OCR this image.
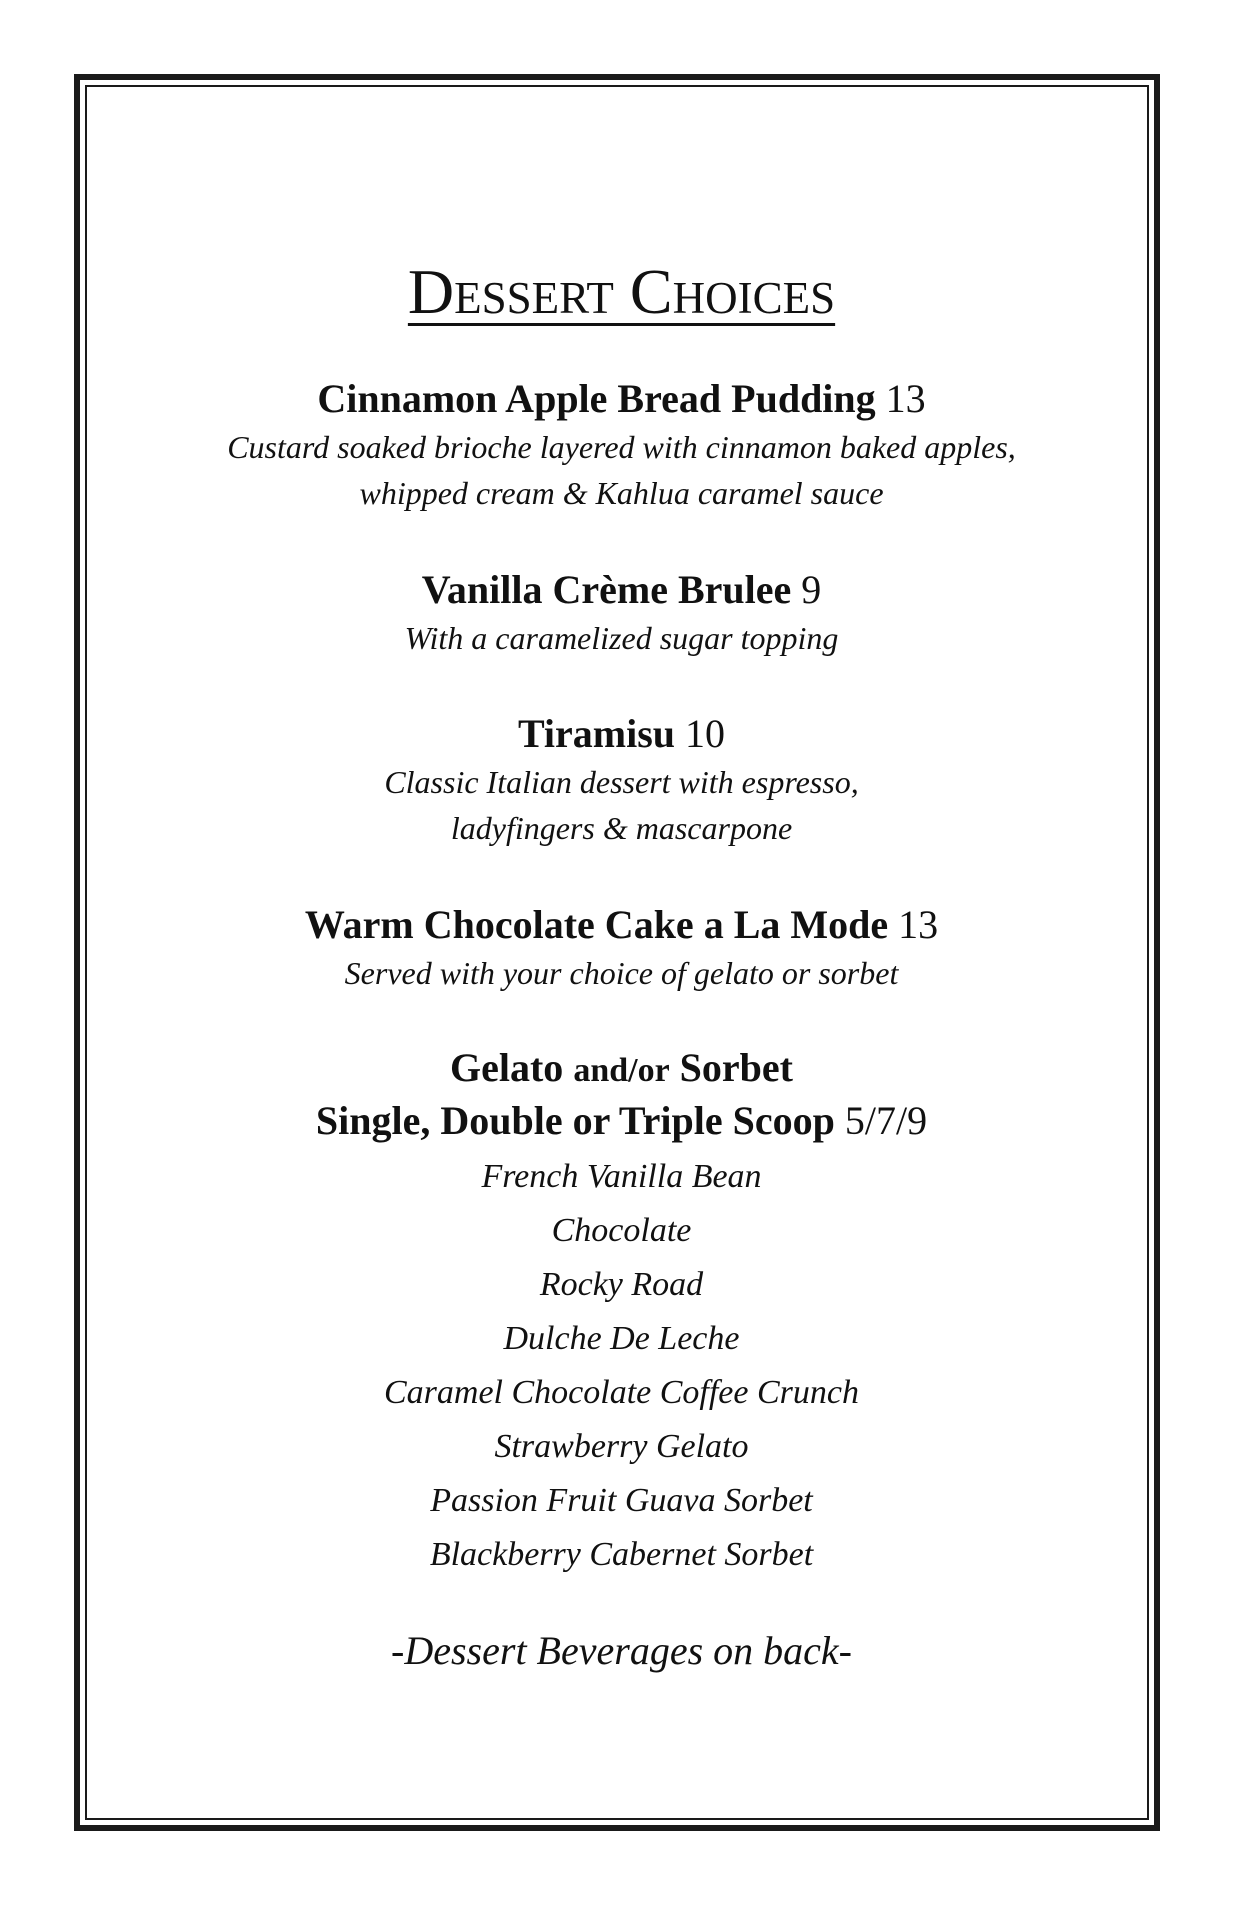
Dessert Choices
Cinnamon Apple Bread Pudding 13
Custard soaked brioche layered with cinnamon baked apples,
whipped cream & Kahlua caramel sauce
Vanilla Crème Brulee 9
With a caramelized sugar topping
Tiramisu 10
Classic Italian dessert with espresso,
ladyfingers & mascarpone
Warm Chocolate Cake a La Mode 13
Served with your choice of gelato or sorbet
Gelato and/or Sorbet
Single, Double or Triple Scoop 5/7/9
French Vanilla Bean
Chocolate
Rocky Road
Dulche De Leche
Caramel Chocolate Coffee Crunch
Strawberry Gelato
Passion Fruit Guava Sorbet
Blackberry Cabernet Sorbet
-Dessert Beverages on back-
